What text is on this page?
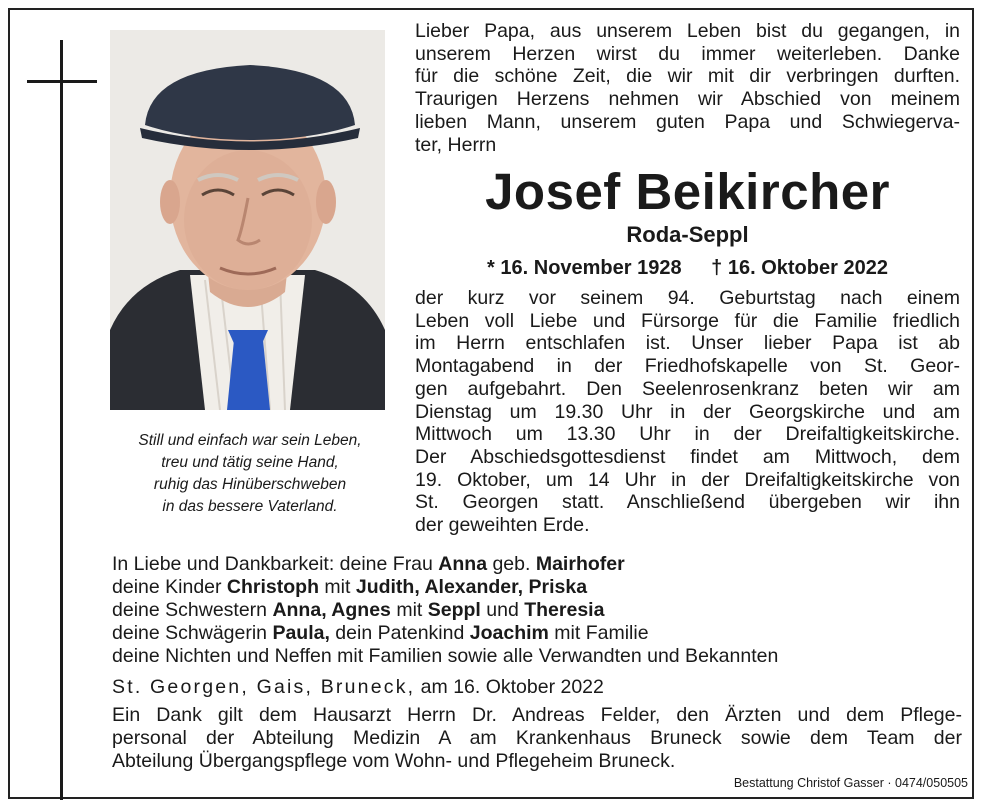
Still und einfach war sein Leben,
treu und tätig seine Hand,
ruhig das Hinüberschweben
in das bessere Vaterland.
Lieber Papa, aus unserem Leben bist du gegangen, in
unserem Herzen wirst du immer weiterleben. Danke
für die schöne Zeit, die wir mit dir verbringen durften.
Traurigen Herzens nehmen wir Abschied von meinem
lieben Mann, unserem guten Papa und Schwiegerva-
ter, Herrn
Josef Beikircher
Roda-Seppl
* 16. November 1928 † 16. Oktober 2022
der kurz vor seinem 94. Geburtstag nach einem
Leben voll Liebe und Fürsorge für die Familie friedlich
im Herrn entschlafen ist. Unser lieber Papa ist ab
Montagabend in der Friedhofskapelle von St. Geor-
gen aufgebahrt. Den Seelenrosenkranz beten wir am
Dienstag um 19.30 Uhr in der Georgskirche und am
Mittwoch um 13.30 Uhr in der Dreifaltigkeitskirche.
Der Abschiedsgottesdienst findet am Mittwoch, dem
19. Oktober, um 14 Uhr in der Dreifaltigkeitskirche von
St. Georgen statt. Anschließend übergeben wir ihn
der geweihten Erde.
In Liebe und Dankbarkeit: deine Frau Anna geb. Mairhofer
deine Kinder Christoph mit Judith, Alexander, Priska
deine Schwestern Anna, Agnes mit Seppl und Theresia
deine Schwägerin Paula, dein Patenkind Joachim mit Familie
deine Nichten und Neffen mit Familien sowie alle Verwandten und Bekannten
St. Georgen, Gais, Bruneck, am 16. Oktober 2022
Ein Dank gilt dem Hausarzt Herrn Dr. Andreas Felder, den Ärzten und dem Pflege-
personal der Abteilung Medizin A am Krankenhaus Bruneck sowie dem Team der
Abteilung Übergangspflege vom Wohn- und Pflegeheim Bruneck.
Bestattung Christof Gasser · 0474/050505
